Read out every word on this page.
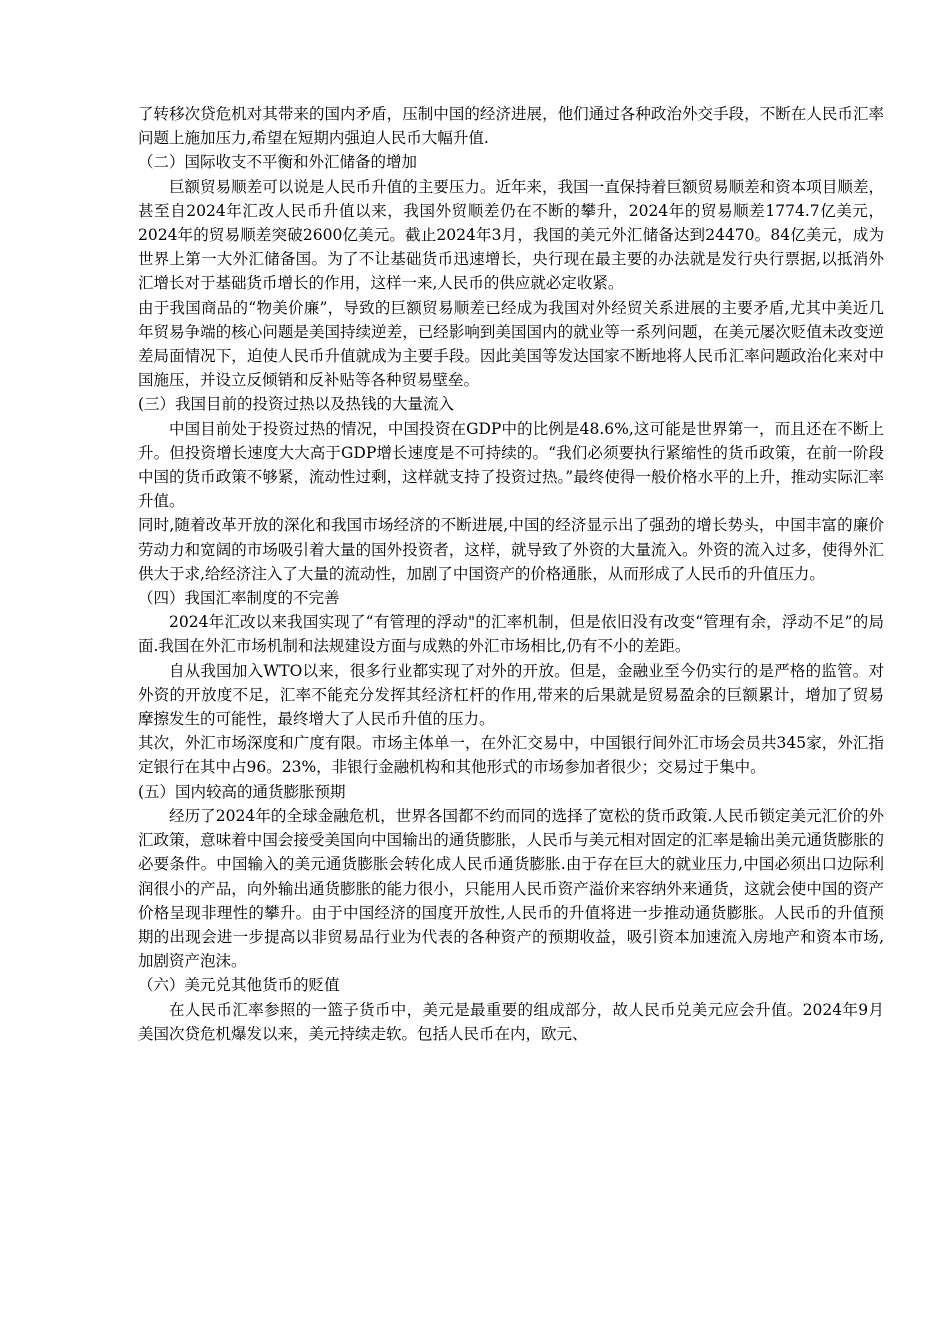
了转移次贷危机对其带来的国内矛盾，压制中国的经济进展，他们通过各种政治外交手段，不断在人民币汇率问题上施加压力,希望在短期内强迫人民币大幅升值.

（二）国际收支不平衡和外汇储备的增加

巨额贸易顺差可以说是人民币升值的主要压力。近年来，我国一直保持着巨额贸易顺差和资本项目顺差，甚至自2024年汇改人民币升值以来，我国外贸顺差仍在不断的攀升，2024年的贸易顺差1774.7亿美元，2024年的贸易顺差突破2600亿美元。截止2024年3月，我国的美元外汇储备达到24470。84亿美元，成为世界上第一大外汇储备国。为了不让基础货币迅速增长，央行现在最主要的办法就是发行央行票据,以抵消外汇增长对于基础货币增长的作用，这样一来,人民币的供应就必定收紧。

由于我国商品的“物美价廉”，导致的巨额贸易顺差已经成为我国对外经贸关系进展的主要矛盾,尤其中美近几年贸易争端的核心问题是美国持续逆差，已经影响到美国国内的就业等一系列问题，在美元屡次贬值未改变逆差局面情况下，迫使人民币升值就成为主要手段。因此美国等发达国家不断地将人民币汇率问题政治化来对中国施压，并设立反倾销和反补贴等各种贸易壁垒。

(三）我国目前的投资过热以及热钱的大量流入

中国目前处于投资过热的情况，中国投资在GDP中的比例是48.6%,这可能是世界第一，而且还在不断上升。但投资增长速度大大高于GDP增长速度是不可持续的。“我们必须要执行紧缩性的货币政策，在前一阶段中国的货币政策不够紧，流动性过剩，这样就支持了投资过热。”最终使得一般价格水平的上升，推动实际汇率升值。

同时,随着改革开放的深化和我国市场经济的不断进展,中国的经济显示出了强劲的增长势头，中国丰富的廉价劳动力和宽阔的市场吸引着大量的国外投资者，这样，就导致了外资的大量流入。外资的流入过多，使得外汇供大于求,给经济注入了大量的流动性，加剧了中国资产的价格通胀，从而形成了人民币的升值压力。

（四）我国汇率制度的不完善

2024年汇改以来我国实现了“有管理的浮动"的汇率机制，但是依旧没有改变“管理有余，浮动不足”的局面.我国在外汇市场机制和法规建设方面与成熟的外汇市场相比,仍有不小的差距。

自从我国加入WTO以来，很多行业都实现了对外的开放。但是，金融业至今仍实行的是严格的监管。对外资的开放度不足，汇率不能充分发挥其经济杠杆的作用,带来的后果就是贸易盈余的巨额累计，增加了贸易摩擦发生的可能性，最终增大了人民币升值的压力。

其次，外汇市场深度和广度有限。市场主体单一，在外汇交易中，中国银行间外汇市场会员共345家，外汇指定银行在其中占96。23%，非银行金融机构和其他形式的市场参加者很少；交易过于集中。

(五）国内较高的通货膨胀预期

经历了2024年的全球金融危机，世界各国都不约而同的选择了宽松的货币政策.人民币锁定美元汇价的外汇政策，意味着中国会接受美国向中国输出的通货膨胀，人民币与美元相对固定的汇率是输出美元通货膨胀的必要条件。中国输入的美元通货膨胀会转化成人民币通货膨胀.由于存在巨大的就业压力,中国必须出口边际利润很小的产品，向外输出通货膨胀的能力很小，只能用人民币资产溢价来容纳外来通货，这就会使中国的资产价格呈现非理性的攀升。由于中国经济的国度开放性,人民币的升值将进一步推动通货膨胀。人民币的升值预期的出现会进一步提高以非贸易品行业为代表的各种资产的预期收益，吸引资本加速流入房地产和资本市场,加剧资产泡沫。

（六）美元兑其他货币的贬值

在人民币汇率参照的一篮子货币中，美元是最重要的组成部分，故人民币兑美元应会升值。2024年9月美国次贷危机爆发以来，美元持续走软。包括人民币在内，欧元、
